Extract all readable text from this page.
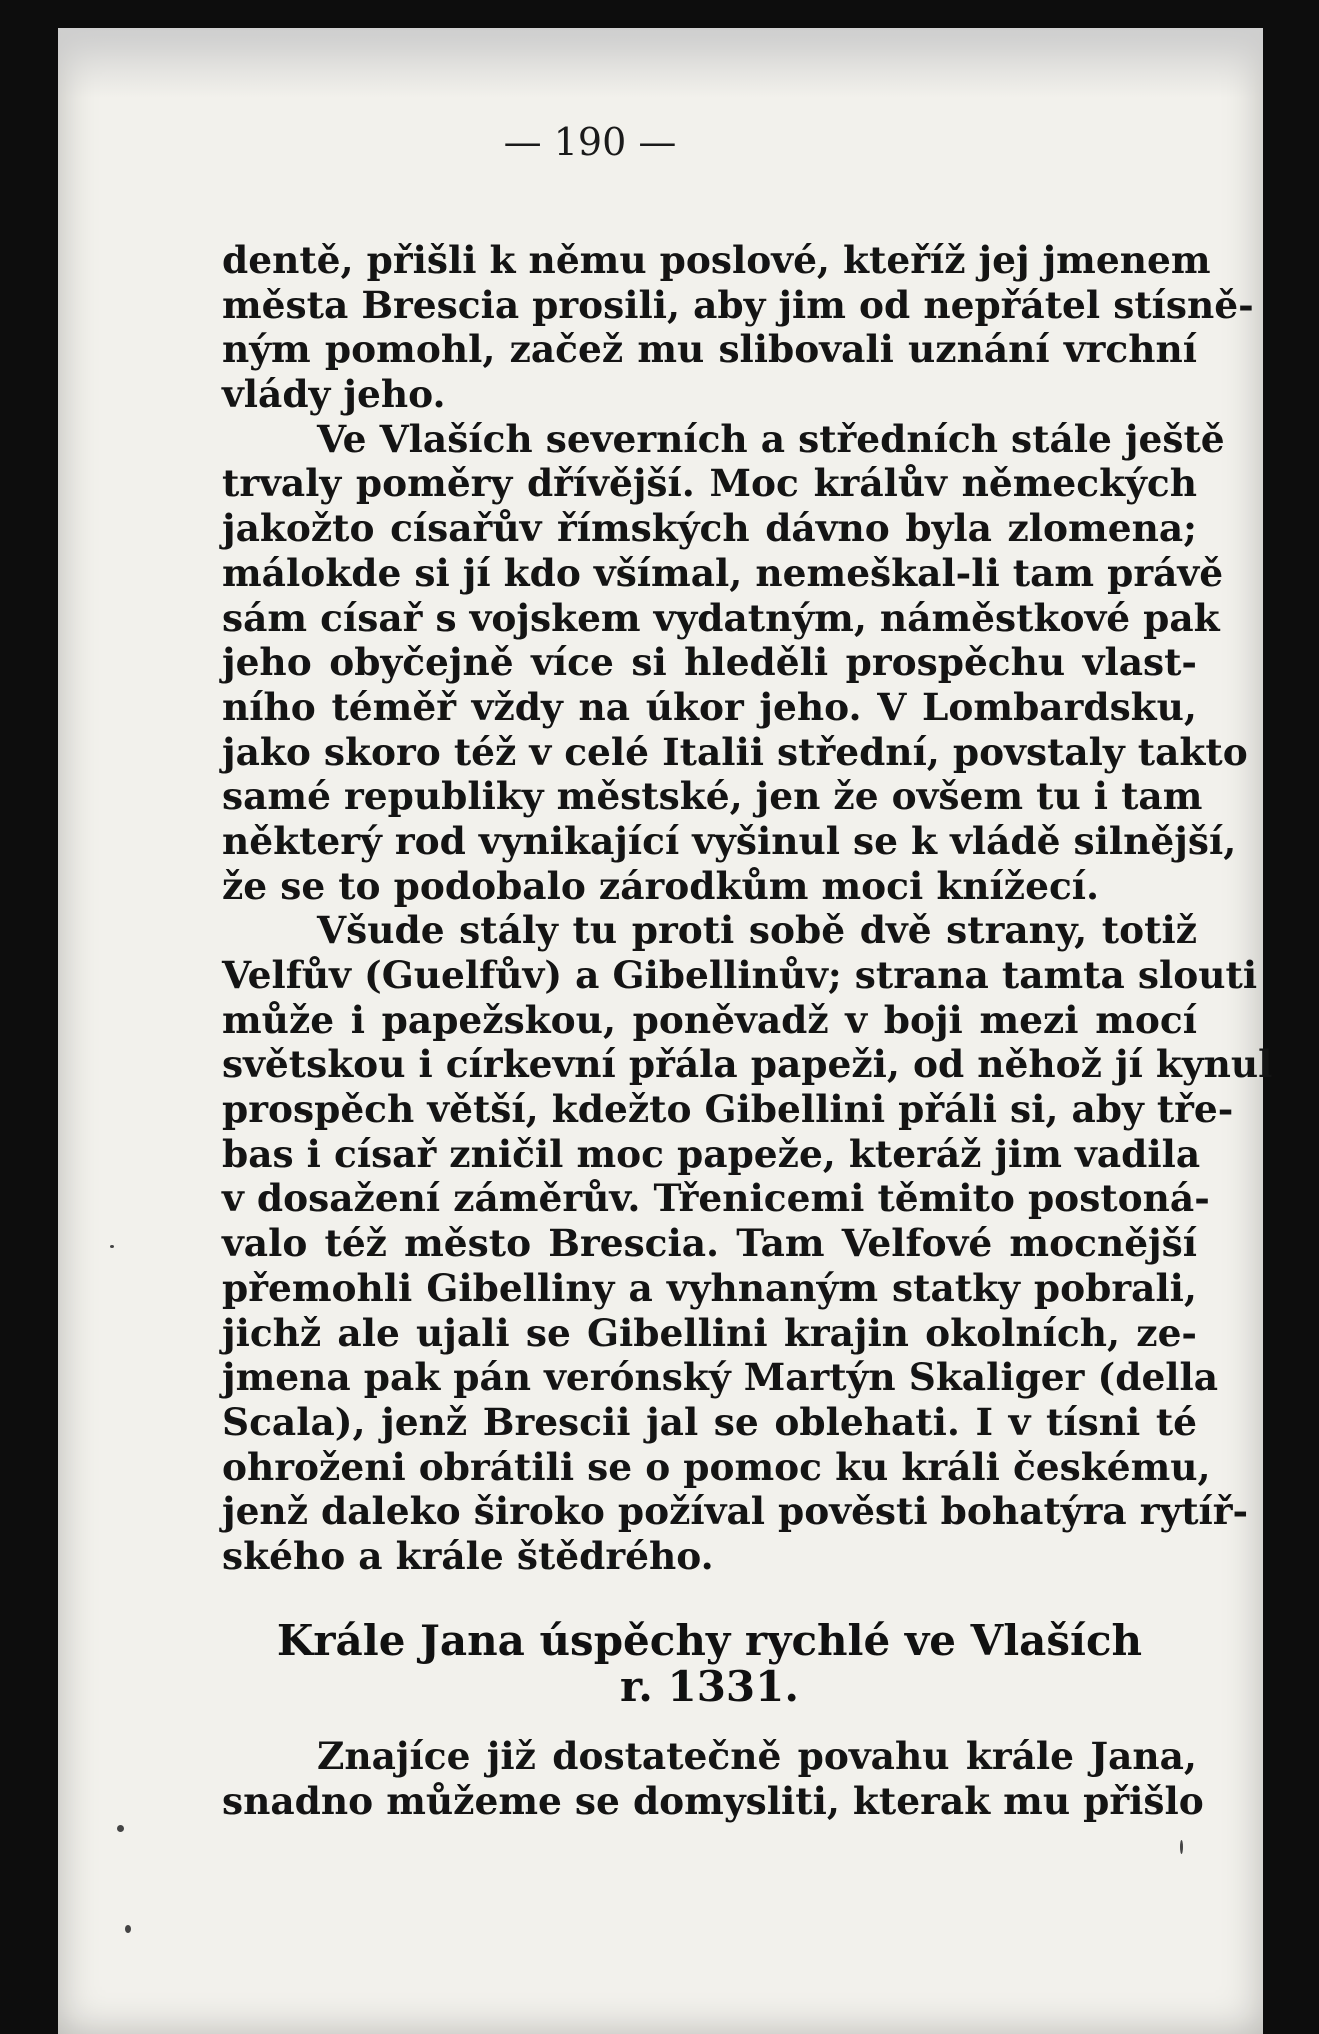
— 190 —
dentě, přišli k němu poslové, kteříž jej jmenem
města Brescia prosili, aby jim od nepřátel stísně-
ným pomohl, začež mu slibovali uznání vrchní
vlády jeho.
Ve Vlaších severních a středních stále ještě
trvaly poměry dřívější. Moc králův německých
jakožto císařův římských dávno byla zlomena;
málokde si jí kdo všímal, nemeškal-li tam právě
sám císař s vojskem vydatným, náměstkové pak
jeho obyčejně více si hleděli prospěchu vlast-
ního téměř vždy na úkor jeho. V Lombardsku,
jako skoro též v celé Italii střední, povstaly takto
samé republiky městské, jen že ovšem tu i tam
některý rod vynikající vyšinul se k vládě silnější,
že se to podobalo zárodkům moci knížecí.
Všude stály tu proti sobě dvě strany, totiž
Velfův (Guelfův) a Gibellinův; strana tamta slouti
může i papežskou, poněvadž v boji mezi mocí
světskou i církevní přála papeži, od něhož jí kynul
prospěch větší, kdežto Gibellini přáli si, aby tře-
bas i císař zničil moc papeže, kteráž jim vadila
v dosažení záměrův. Třenicemi těmito postoná-
valo též město Brescia. Tam Velfové mocnější
přemohli Gibelliny a vyhnaným statky pobrali,
jichž ale ujali se Gibellini krajin okolních, ze-
jmena pak pán verónský Martýn Skaliger (della
Scala), jenž Brescii jal se oblehati. I v tísni té
ohroženi obrátili se o pomoc ku králi českému,
jenž daleko široko požíval pověsti bohatýra rytíř-
ského a krále štědrého.
Krále Jana úspěchy rychlé ve Vlaších
r. 1331.
Znajíce již dostatečně povahu krále Jana,
snadno můžeme se domysliti, kterak mu přišlo
